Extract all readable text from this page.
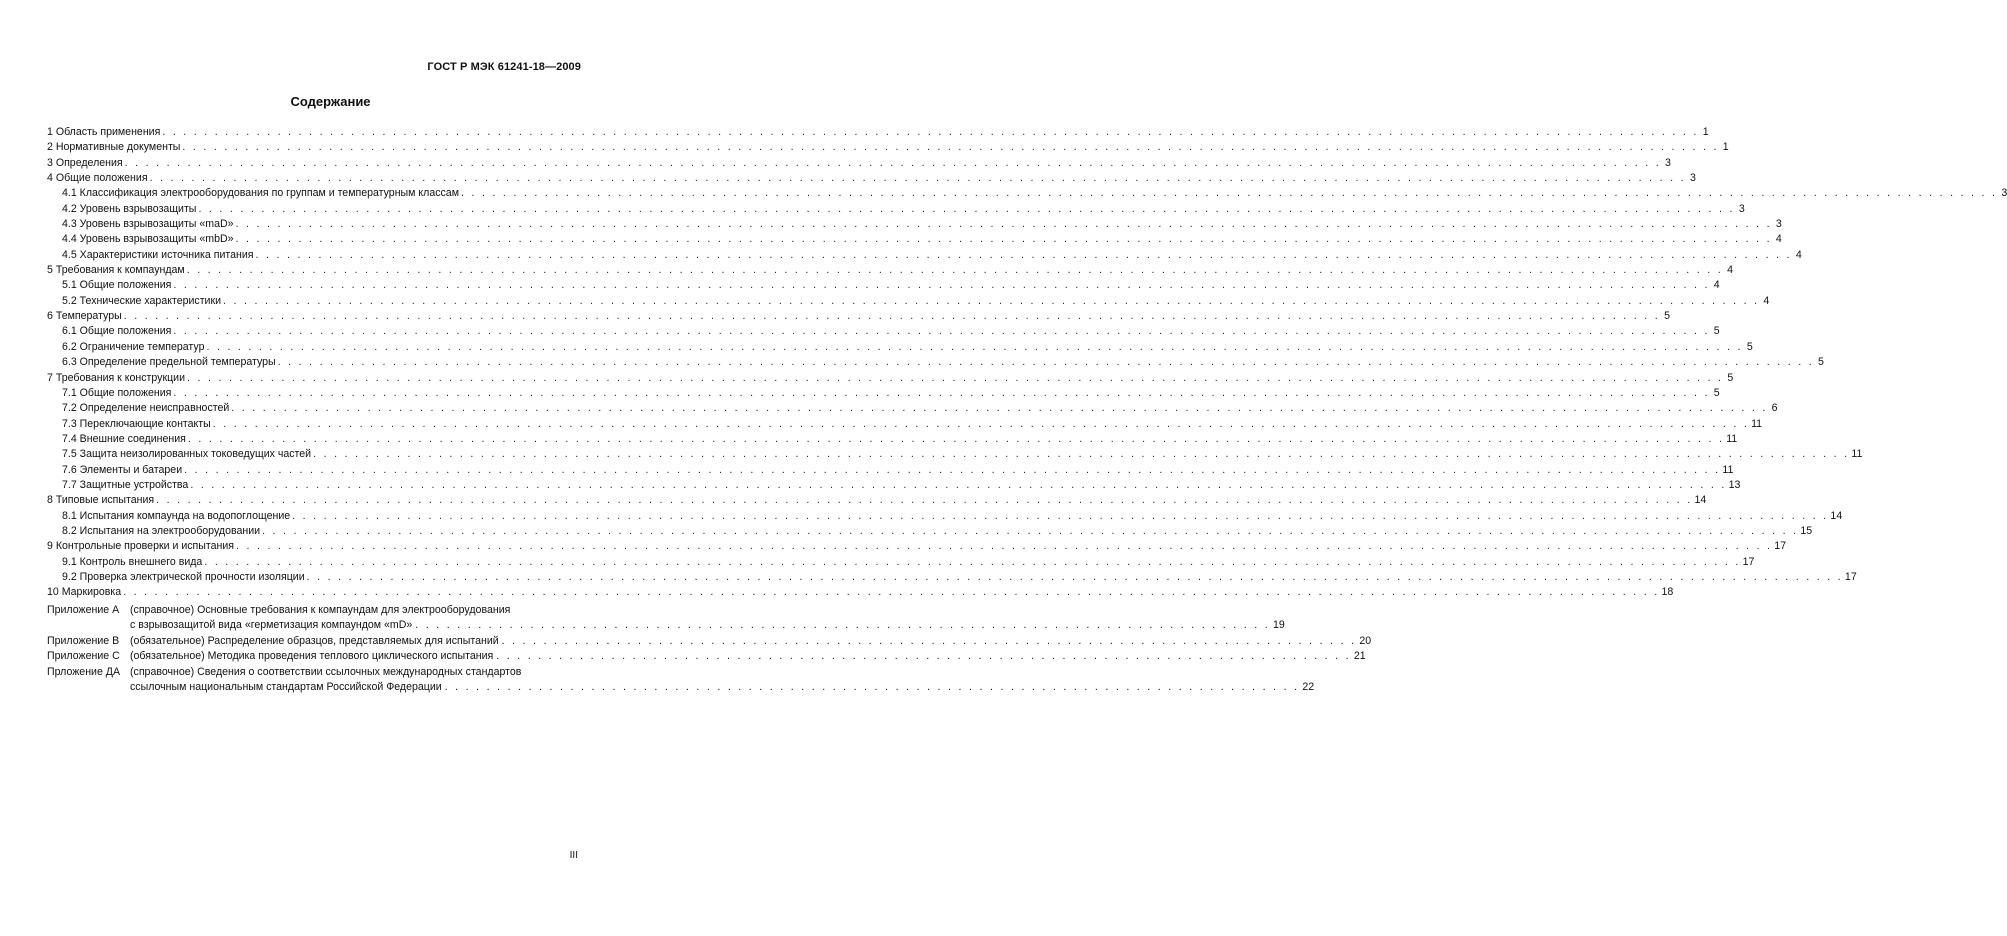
ГОСТ Р МЭК 61241-18—2009
Содержание
1 Область применения . . .	1
2 Нормативные документы . . .	1
3 Определения . . .	3
4 Общие положения . . .	3
4.1 Классификация электрооборудования по группам и температурным классам . . .	3
4.2 Уровень взрывозащиты . . .	3
4.3 Уровень взрывозащиты «maD» . . .	3
4.4 Уровень взрывозащиты «mbD» . . .	4
4.5 Характеристики источника питания . . .	4
5 Требования к компаундам . . .	4
5.1 Общие положения . . .	4
5.2 Технические характеристики . . .	4
6 Температуры . . .	5
6.1 Общие положения . . .	5
6.2 Ограничение температур . . .	5
6.3 Определение предельной температуры . . .	5
7 Требования к конструкции . . .	5
7.1 Общие положения . . .	5
7.2 Определение неисправностей . . .	6
7.3 Переключающие контакты . . .	11
7.4 Внешние соединения . . .	11
7.5 Защита неизолированных токоведущих частей . . .	11
7.6 Элементы и батареи . . .	11
7.7 Защитные устройства . . .	13
8 Типовые испытания . . .	14
8.1 Испытания компаунда на водопоглощение . . .	14
8.2 Испытания на электрооборудовании . . .	15
9 Контрольные проверки и испытания . . .	17
9.1 Контроль внешнего вида . . .	17
9.2 Проверка электрической прочности изоляции . . .	17
10 Маркировка . . .	18
Приложение А	(справочное) Основные требования к компаундам для электрооборудования
с взрывозащитой вида «герметизация компаундом «mD» . . .	19
Приложение В	(обязательное) Распределение образцов, представляемых для испытаний . . .	20
Приложение С (обязательное) Методика проведения теплового циклического испытания . . .	21
Прложение ДА (справочное) Сведения о соответствии ссылочных международных стандартов
ссылочным национальным стандартам Российской Федерации . . .	22
III
